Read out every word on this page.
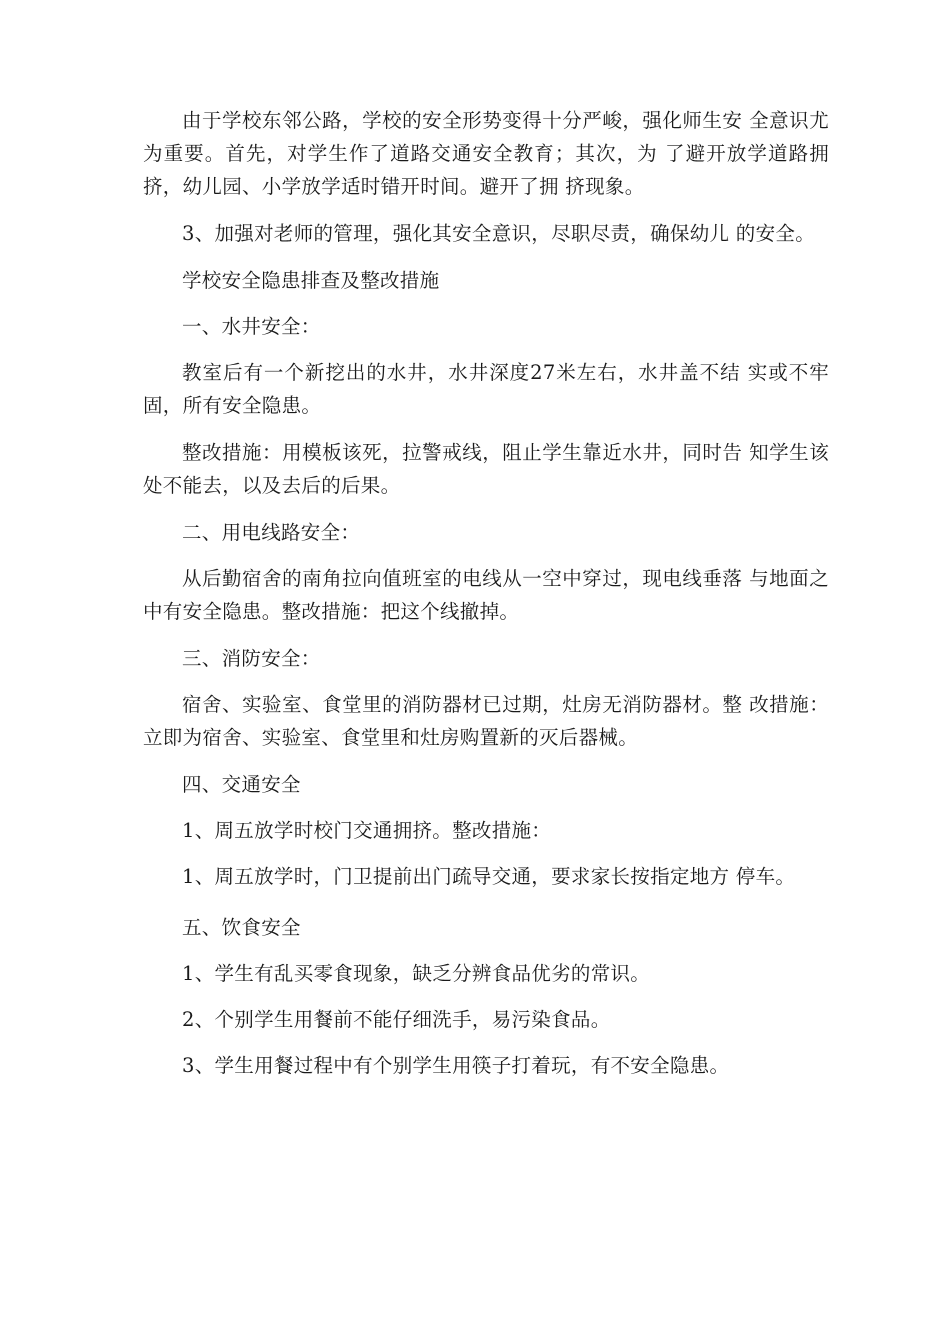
由于学校东邻公路，学校的安全形势变得十分严峻，强化师生安 全意识尤为重要。首先，对学生作了道路交通安全教育；其次，为 了避开放学道路拥挤，幼儿园、小学放学适时错开时间。避开了拥 挤现象。

3、加强对老师的管理，强化其安全意识，尽职尽责，确保幼儿 的安全。

学校安全隐患排查及整改措施

一、水井安全：

教室后有一个新挖出的水井，水井深度27米左右，水井盖不结 实或不牢固，所有安全隐患。

整改措施：用模板该死，拉警戒线，阻止学生靠近水井，同时告 知学生该处不能去，以及去后的后果。

二、用电线路安全：

从后勤宿舍的南角拉向值班室的电线从一空中穿过，现电线垂落 与地面之中有安全隐患。整改措施：把这个线撤掉。

三、消防安全：

宿舍、实验室、食堂里的消防器材已过期，灶房无消防器材。整 改措施：立即为宿舍、实验室、食堂里和灶房购置新的灭后器械。

四、交通安全

1、周五放学时校门交通拥挤。整改措施：

1、周五放学时，门卫提前出门疏导交通，要求家长按指定地方 停车。

五、饮食安全

1、学生有乱买零食现象，缺乏分辨食品优劣的常识。

2、个别学生用餐前不能仔细洗手，易污染食品。

3、学生用餐过程中有个别学生用筷子打着玩，有不安全隐患。
